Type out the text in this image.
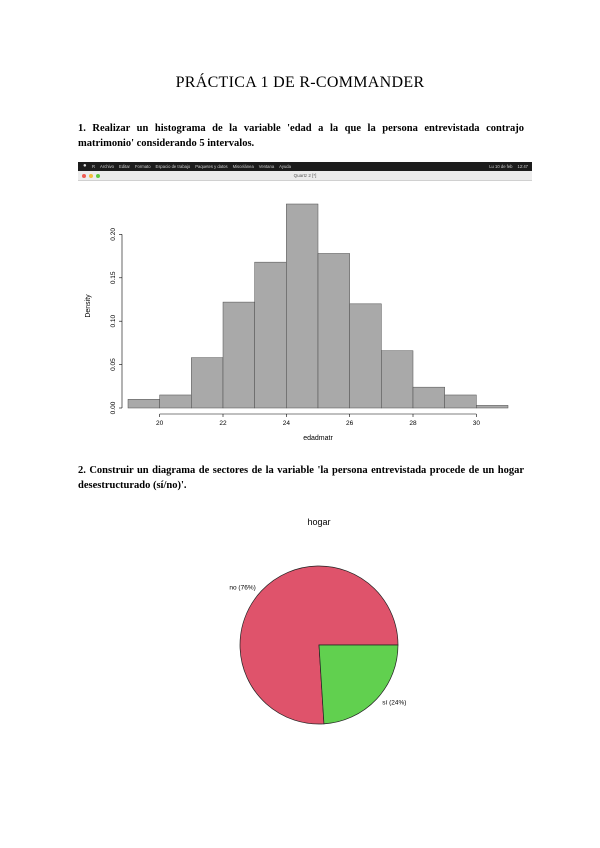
PRÁCTICA 1 DE R-COMMANDER
1. Realizar un histograma de la variable 'edad a la que la persona entrevistada contrajo matrimonio' considerando 5 intervalos.
● R Archivo Editar Formato Espacio de trabajo Paquetes y datos Miscelánea Ventana Ayuda	Lu 10 de feb 12:47
Quartz 2 [*]
20	22	24	26	28	30
0.00
0.05
0.10
0.15
0.20
edadmatr
Density
2. Construir un diagrama de sectores de la variable 'la persona entrevistada procede de un hogar desestructurado (sí/no)'.
hogar
no (76%)
sí (24%)
